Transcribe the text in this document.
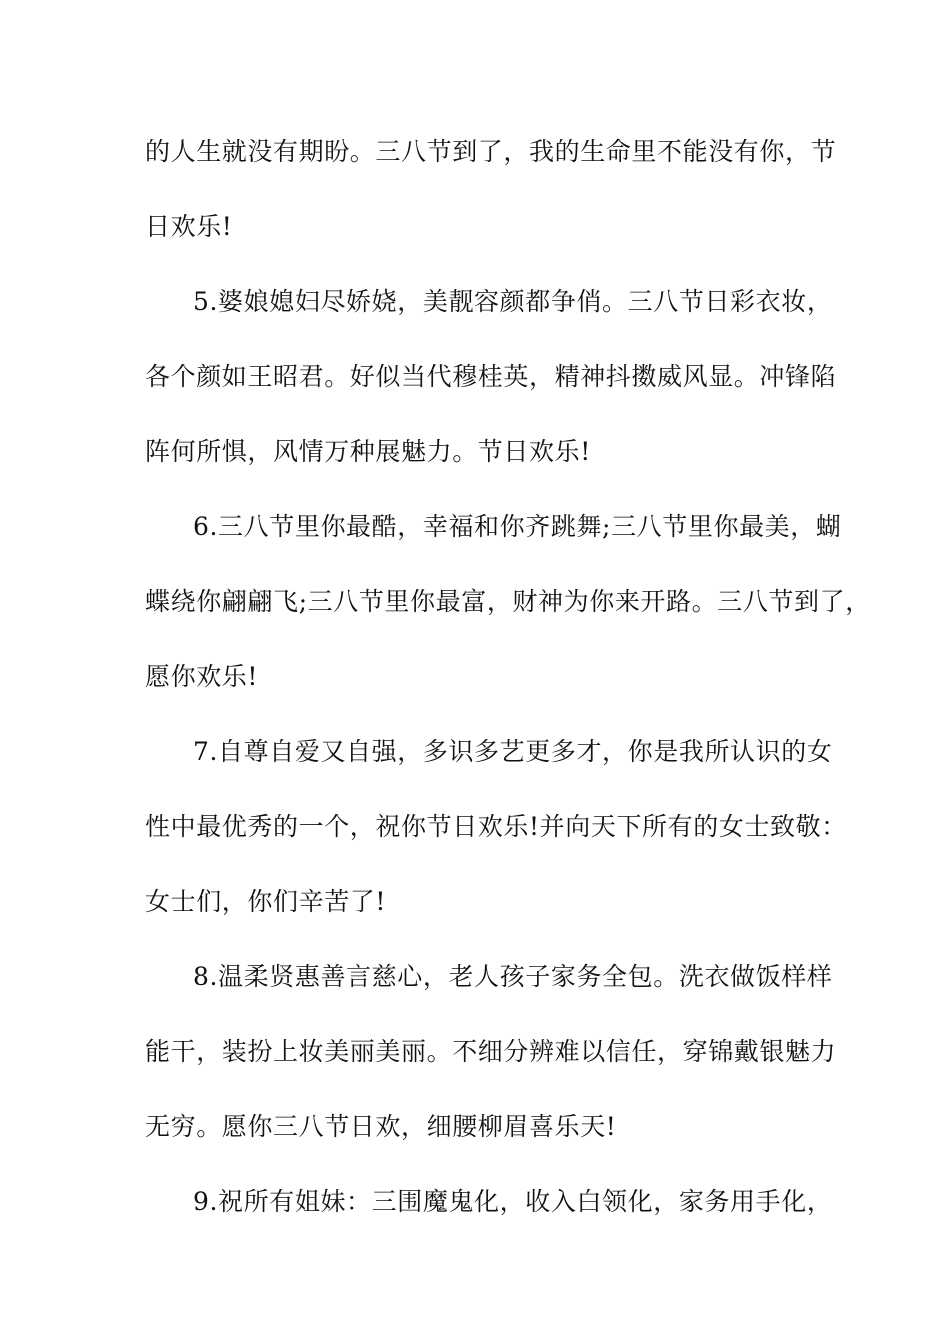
的人生就没有期盼。三八节到了，我的生命里不能没有你，节
日欢乐!
5.婆娘媳妇尽娇娆，美靓容颜都争俏。三八节日彩衣妆，
各个颜如王昭君。好似当代穆桂英，精神抖擞威风显。冲锋陷
阵何所惧，风情万种展魅力。节日欢乐!
6.三八节里你最酷，幸福和你齐跳舞;三八节里你最美，蝴
蝶绕你翩翩飞;三八节里你最富，财神为你来开路。三八节到了，
愿你欢乐!
7.自尊自爱又自强，多识多艺更多才，你是我所认识的女
性中最优秀的一个，祝你节日欢乐!并向天下所有的女士致敬：
女士们，你们辛苦了!
8.温柔贤惠善言慈心，老人孩子家务全包。洗衣做饭样样
能干，装扮上妆美丽美丽。不细分辨难以信任，穿锦戴银魅力
无穷。愿你三八节日欢，细腰柳眉喜乐天!
9.祝所有姐妹：三围魔鬼化，收入白领化，家务用手化，
